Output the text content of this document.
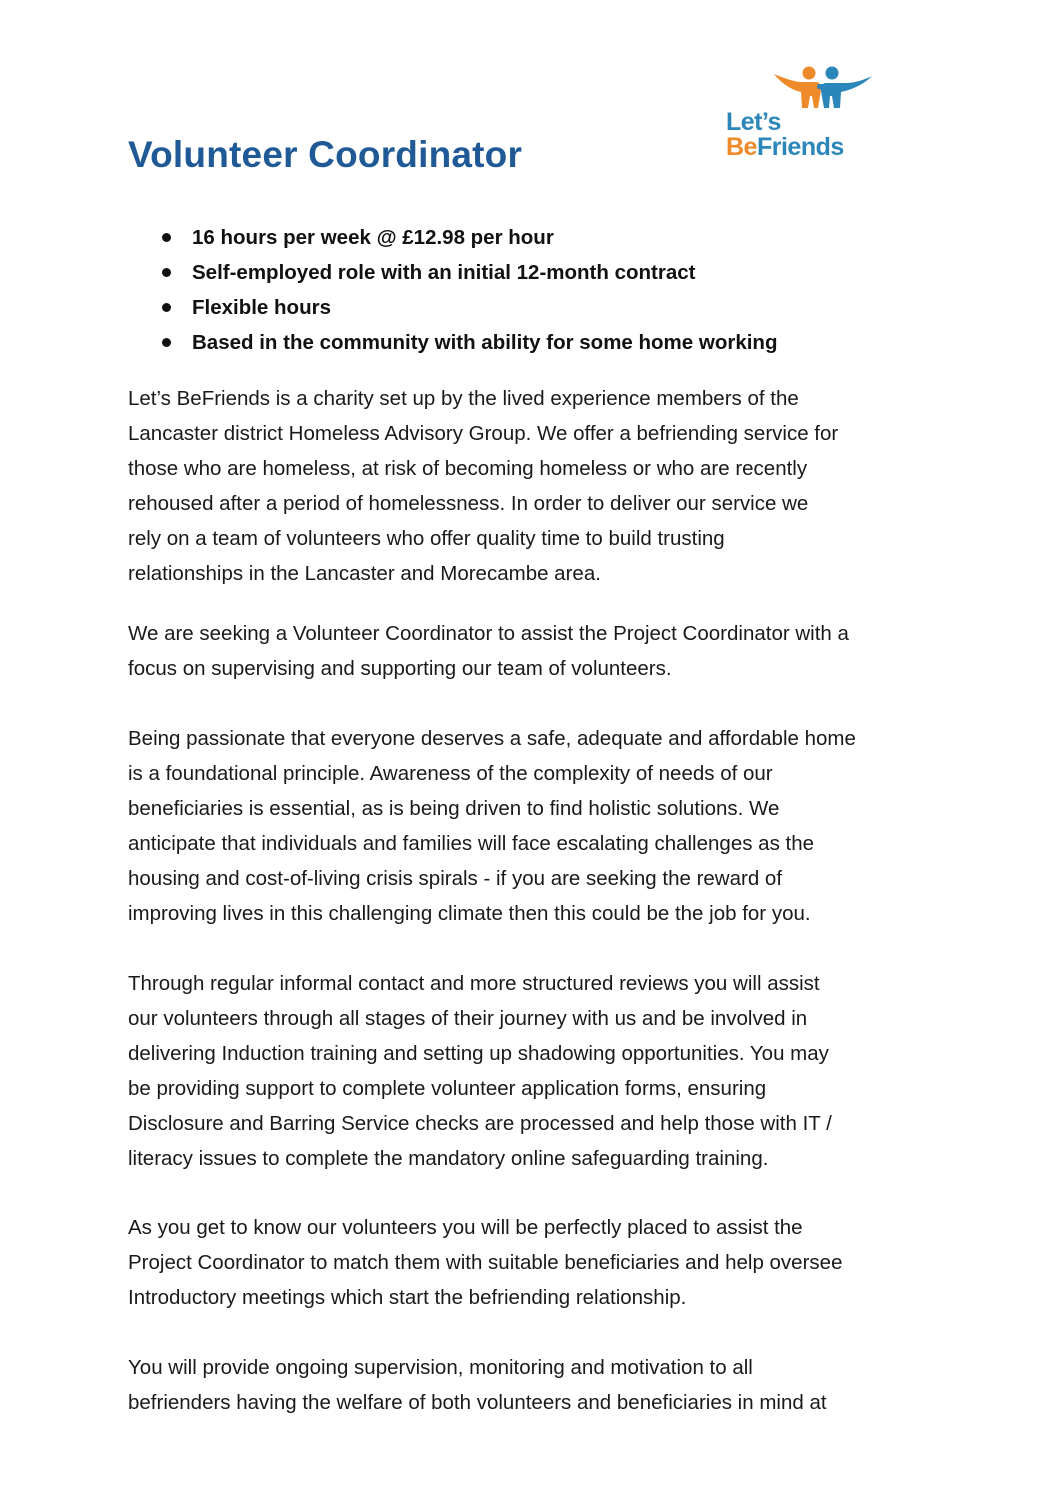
Volunteer Coordinator
Let’s
BeFriends
16 hours per week @ £12.98 per hour
Self-employed role with an initial 12-month contract
Flexible hours
Based in the community with ability for some home working
Let’s BeFriends is a charity set up by the lived experience members of the
Lancaster district Homeless Advisory Group. We offer a befriending service for
those who are homeless, at risk of becoming homeless or who are recently
rehoused after a period of homelessness. In order to deliver our service we
rely on a team of volunteers who offer quality time to build trusting
relationships in the Lancaster and Morecambe area.
We are seeking a Volunteer Coordinator to assist the Project Coordinator with a
focus on supervising and supporting our team of volunteers.
Being passionate that everyone deserves a safe, adequate and affordable home
is a foundational principle. Awareness of the complexity of needs of our
beneficiaries is essential, as is being driven to find holistic solutions. We
anticipate that individuals and families will face escalating challenges as the
housing and cost-of-living crisis spirals - if you are seeking the reward of
improving lives in this challenging climate then this could be the job for you.
Through regular informal contact and more structured reviews you will assist
our volunteers through all stages of their journey with us and be involved in
delivering Induction training and setting up shadowing opportunities. You may
be providing support to complete volunteer application forms, ensuring
Disclosure and Barring Service checks are processed and help those with IT /
literacy issues to complete the mandatory online safeguarding training.
As you get to know our volunteers you will be perfectly placed to assist the
Project Coordinator to match them with suitable beneficiaries and help oversee
Introductory meetings which start the befriending relationship.
You will provide ongoing supervision, monitoring and motivation to all
befrienders having the welfare of both volunteers and beneficiaries in mind at
